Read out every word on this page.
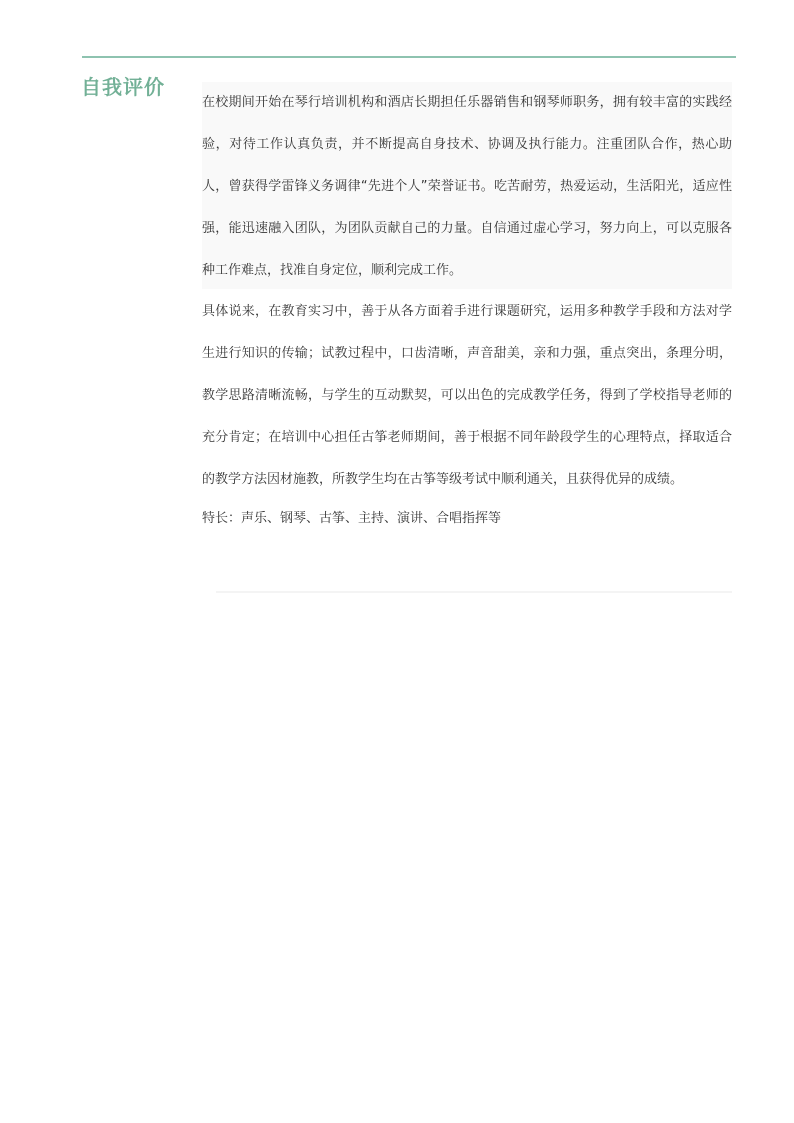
自我评价

在校期间开始在琴行培训机构和酒店长期担任乐器销售和钢琴师职务，拥有较丰富的实践经验，对待工作认真负责，并不断提高自身技术、协调及执行能力。注重团队合作，热心助人，曾获得学雷锋义务调律“先进个人”荣誉证书。吃苦耐劳，热爱运动，生活阳光，适应性强，能迅速融入团队，为团队贡献自己的力量。自信通过虚心学习，努力向上，可以克服各种工作难点，找准自身定位，顺利完成工作。

具体说来，在教育实习中，善于从各方面着手进行课题研究，运用多种教学手段和方法对学生进行知识的传输；试教过程中，口齿清晰，声音甜美，亲和力强，重点突出，条理分明，教学思路清晰流畅，与学生的互动默契，可以出色的完成教学任务，得到了学校指导老师的充分肯定；在培训中心担任古筝老师期间，善于根据不同年龄段学生的心理特点，择取适合的教学方法因材施教，所教学生均在古筝等级考试中顺利通关，且获得优异的成绩。

特长：声乐、钢琴、古筝、主持、演讲、合唱指挥等
